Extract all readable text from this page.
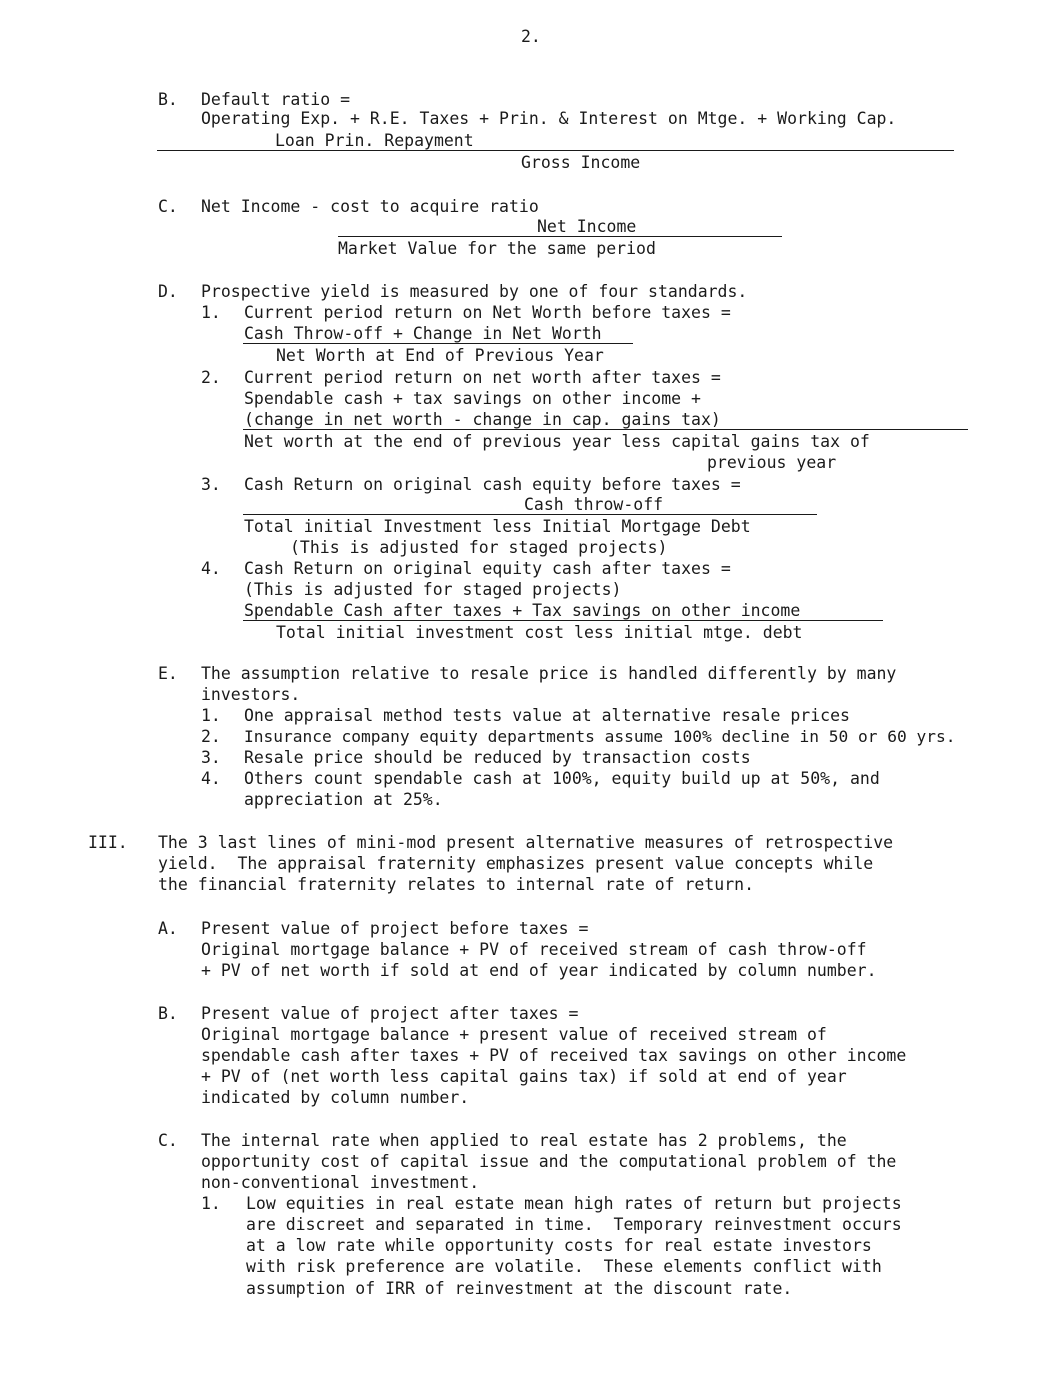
2.
B. Default ratio =
Operating Exp. + R.E. Taxes + Prin. & Interest on Mtge. + Working Cap.
Loan Prin. Repayment
Gross Income
C. Net Income - cost to acquire ratio
Net Income
Market Value for the same period
D. Prospective yield is measured by one of four standards.
1. Current period return on Net Worth before taxes =
Cash Throw-off + Change in Net Worth
Net Worth at End of Previous Year
2. Current period return on net worth after taxes =
Spendable cash + tax savings on other income +
(change in net worth - change in cap. gains tax)
Net worth at the end of previous year less capital gains tax of
previous year
3. Cash Return on original cash equity before taxes =
Cash throw-off
Total initial Investment less Initial Mortgage Debt
(This is adjusted for staged projects)
4. Cash Return on original equity cash after taxes =
(This is adjusted for staged projects)
Spendable Cash after taxes + Tax savings on other income
Total initial investment cost less initial mtge. debt
E. The assumption relative to resale price is handled differently by many
investors.
1. One appraisal method tests value at alternative resale prices
2. Insurance company equity departments assume 100% decline in 50 or 60 yrs.
3. Resale price should be reduced by transaction costs
4. Others count spendable cash at 100%, equity build up at 50%, and
appreciation at 25%.
III. The 3 last lines of mini-mod present alternative measures of retrospective
yield.  The appraisal fraternity emphasizes present value concepts while
the financial fraternity relates to internal rate of return.
A. Present value of project before taxes =
Original mortgage balance + PV of received stream of cash throw-off
+ PV of net worth if sold at end of year indicated by column number.
B. Present value of project after taxes =
Original mortgage balance + present value of received stream of
spendable cash after taxes + PV of received tax savings on other income
+ PV of (net worth less capital gains tax) if sold at end of year
indicated by column number.
C. The internal rate when applied to real estate has 2 problems, the
opportunity cost of capital issue and the computational problem of the
non-conventional investment.
1. Low equities in real estate mean high rates of return but projects
are discreet and separated in time.  Temporary reinvestment occurs
at a low rate while opportunity costs for real estate investors
with risk preference are volatile.  These elements conflict with
assumption of IRR of reinvestment at the discount rate.
